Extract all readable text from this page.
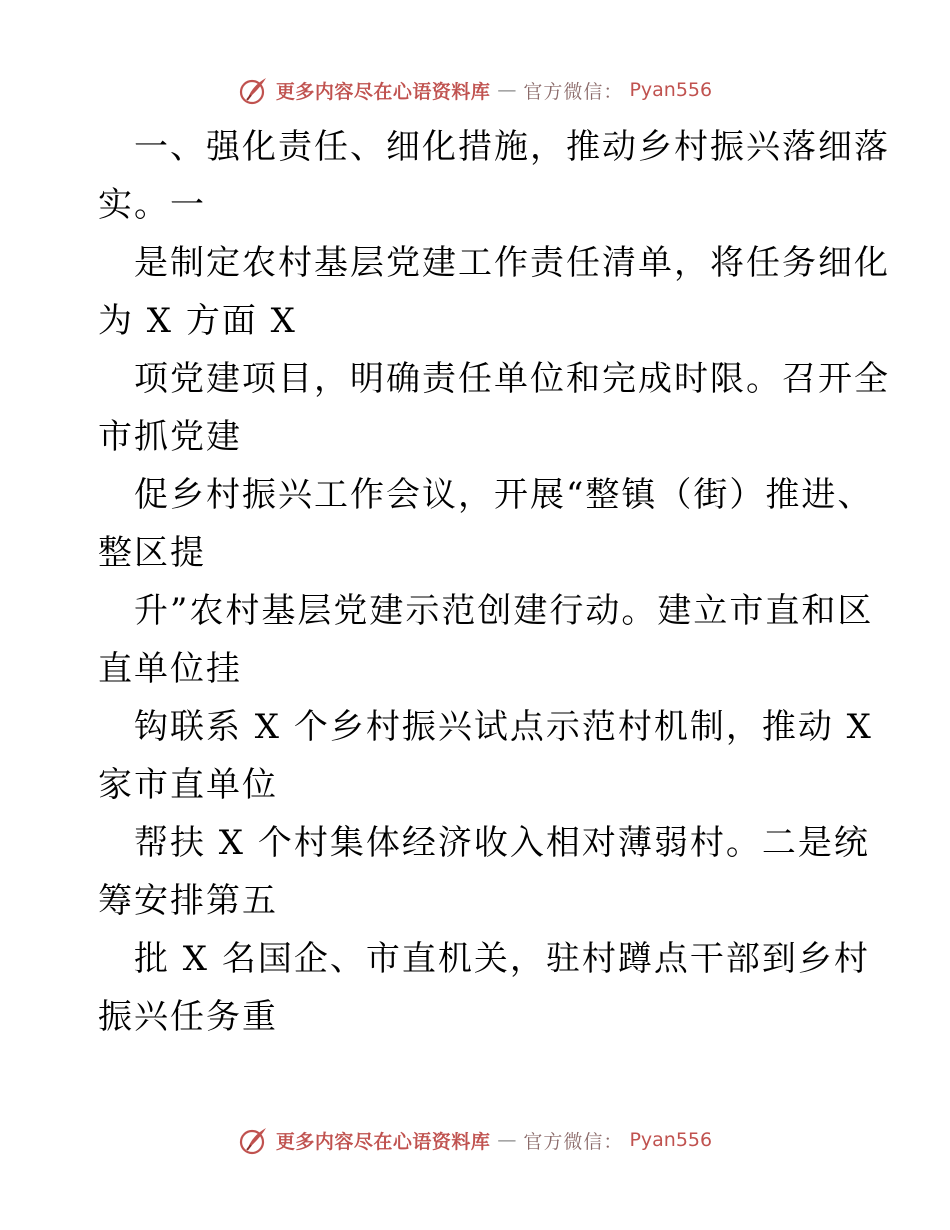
更多内容尽在心语资料库 — 官方微信： Pyan556
一、强化责任、细化措施，推动乡村振兴落细落
实。一
是制定农村基层党建工作责任清单，将任务细化
为 X 方面 X
项党建项目，明确责任单位和完成时限。召开全
市抓党建
促乡村振兴工作会议，开展“整镇（街）推进、
整区提
升”农村基层党建示范创建行动。建立市直和区
直单位挂
钩联系 X 个乡村振兴试点示范村机制，推动 X
家市直单位
帮扶 X 个村集体经济收入相对薄弱村。二是统
筹安排第五
批 X 名国企、市直机关，驻村蹲点干部到乡村
振兴任务重
更多内容尽在心语资料库 — 官方微信： Pyan556
